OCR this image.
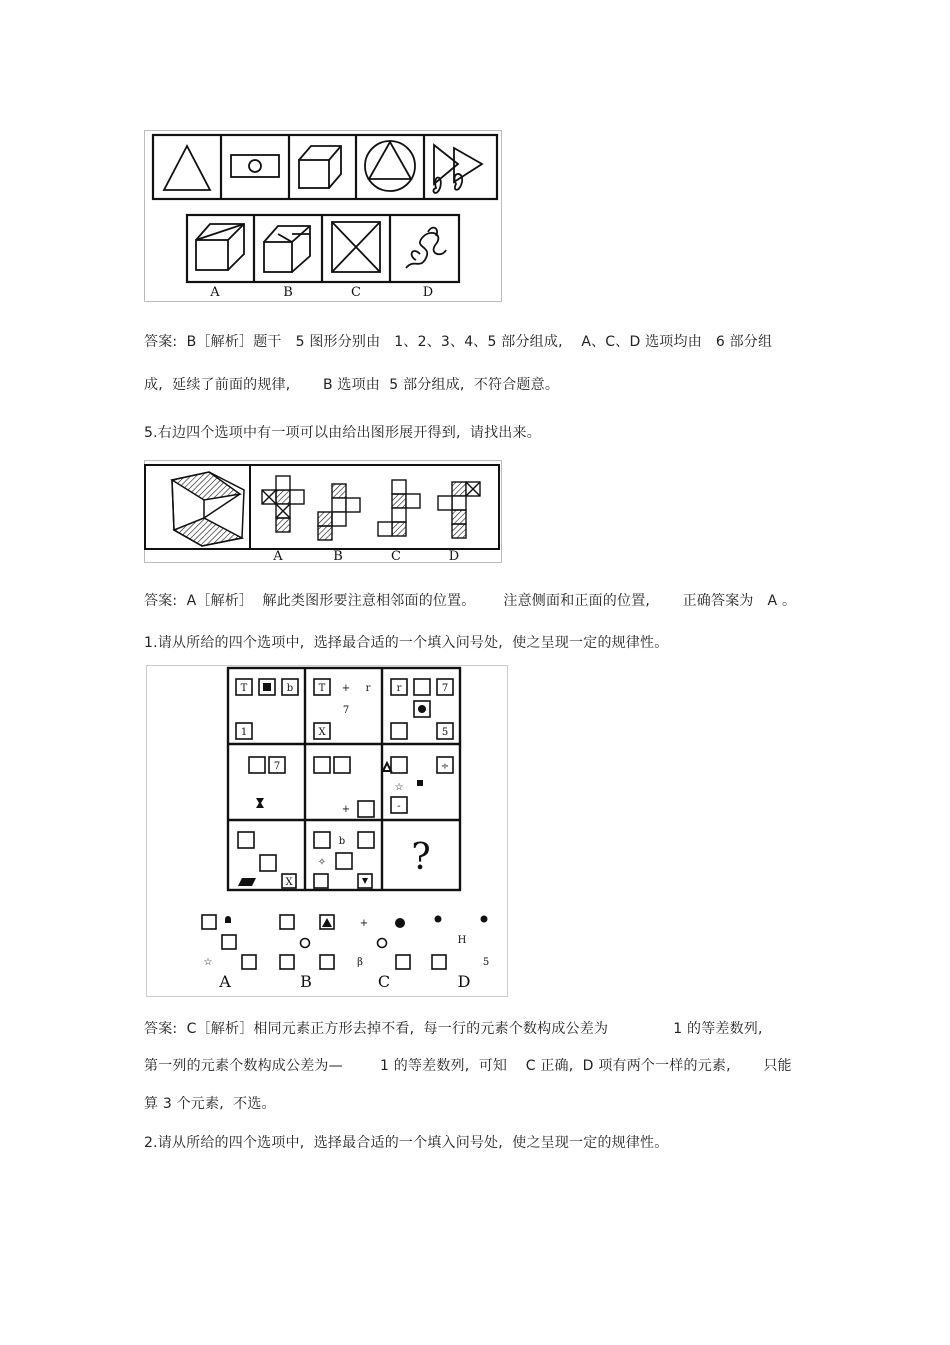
A	B	C	D
答案:  B［解析］题干   5 图形分别由   1、2、3、4、5 部分组成,    A、C、D 选项均由   6 部分组
成,  延续了前面的规律,       B 选项由  5 部分组成,  不符合题意。
5.右边四个选项中有一项可以由给出图形展开得到,  请找出来。
A	B	C	D
答案:  A［解析］  解此类图形要注意相邻面的位置。      注意侧面和正面的位置,       正确答案为   A 。
1.请从所给的四个选项中,  选择最合适的一个填入问号处,  使之呈现一定的规律性。
T	b
1
T + r
7
X
r	7
5
7
+
÷
☆
-
b
✧
X
☆	β
H
5
+
?
A	B	C	D
答案:  C［解析］相同元素正方形去掉不看,  每一行的元素个数构成公差为              1 的等差数列,
第一列的元素个数构成公差为—        1 的等差数列,  可知    C 正确,  D 项有两个一样的元素,       只能
算 3 个元素,  不选。
2.请从所给的四个选项中,  选择最合适的一个填入问号处,  使之呈现一定的规律性。
